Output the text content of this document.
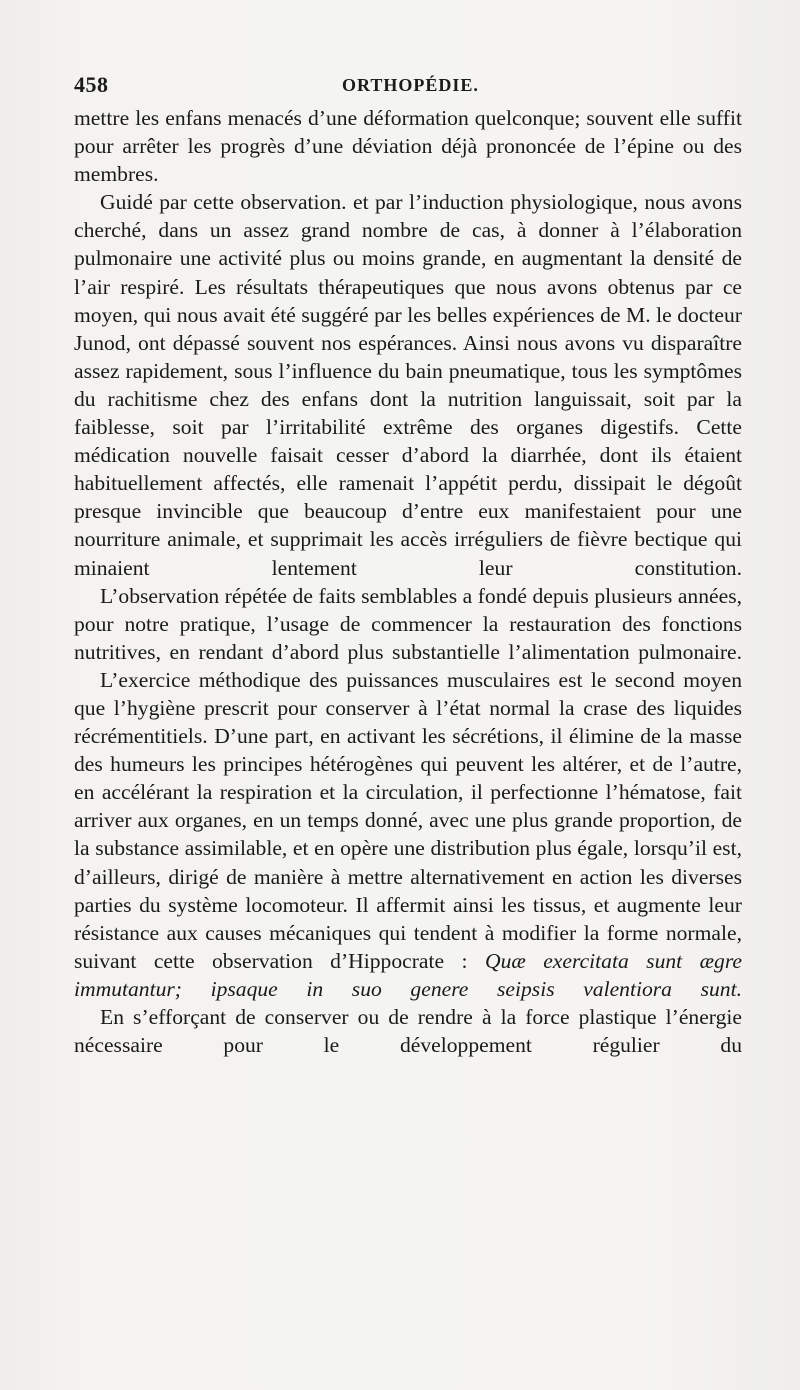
458	ORTHOPÉDIE.

mettre les enfans menacés d’une déformation quelconque; souvent elle suffit pour arrêter les progrès d’une déviation déjà prononcée de l’épine ou des membres.

Guidé par cette observation. et par l’induction physiologique, nous avons cherché, dans un assez grand nombre de cas, à donner à l’élaboration pulmonaire une activité plus ou moins grande, en augmentant la densité de l’air respiré. Les résultats thérapeutiques que nous avons obtenus par ce moyen, qui nous avait été suggéré par les belles expériences de M. le docteur Junod, ont dépassé souvent nos espérances. Ainsi nous avons vu disparaître assez rapidement, sous l’influence du bain pneumatique, tous les symptômes du rachitisme chez des enfans dont la nutrition languissait, soit par la faiblesse, soit par l’irritabilité extrême des organes digestifs. Cette médication nouvelle faisait cesser d’abord la diarrhée, dont ils étaient habituellement affectés, elle ramenait l’appétit perdu, dissipait le dégoût presque invincible que beaucoup d’entre eux manifestaient pour une nourriture animale, et supprimait les accès irréguliers de fièvre bectique qui minaient lentement leur constitution.

L’observation répétée de faits semblables a fondé depuis plusieurs années, pour notre pratique, l’usage de commencer la restauration des fonctions nutritives, en rendant d’abord plus substantielle l’alimentation pulmonaire.

L’exercice méthodique des puissances musculaires est le second moyen que l’hygiène prescrit pour conserver à l’état normal la crase des liquides récrémentitiels. D’une part, en activant les sécrétions, il élimine de la masse des humeurs les principes hétérogènes qui peuvent les altérer, et de l’autre, en accélérant la respiration et la circulation, il perfectionne l’hématose, fait arriver aux organes, en un temps donné, avec une plus grande proportion, de la substance assimilable, et en opère une distribution plus égale, lorsqu’il est, d’ailleurs, dirigé de manière à mettre alternativement en action les diverses parties du système locomoteur. Il affermit ainsi les tissus, et augmente leur résistance aux causes mécaniques qui tendent à modifier la forme normale, suivant cette observation d’Hippocrate : Quæ exercitata sunt ægre immutantur; ipsaque in suo genere seipsis valentiora sunt.

En s’efforçant de conserver ou de rendre à la force plastique l’énergie nécessaire pour le développement régulier du
